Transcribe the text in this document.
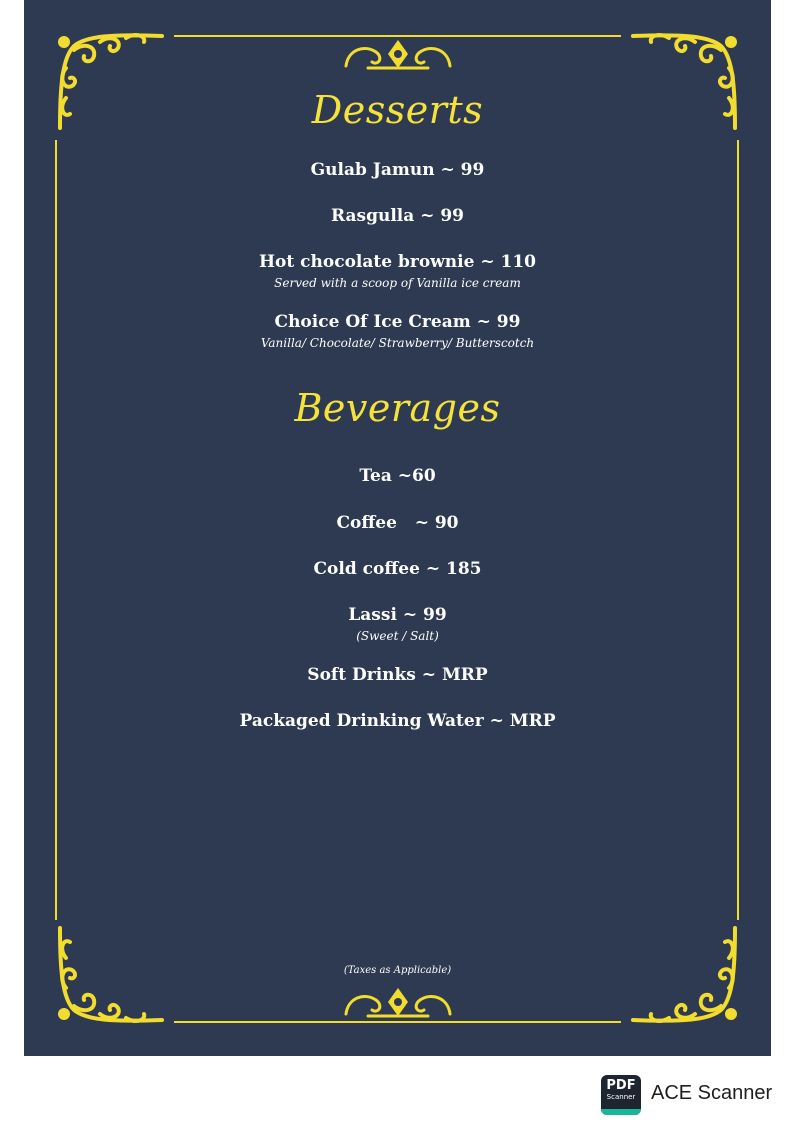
Desserts
Gulab Jamun ~ 99
Rasgulla ~ 99
Hot chocolate brownie ~ 110
Served with a scoop of Vanilla ice cream
Choice Of Ice Cream ~ 99
Vanilla/ Chocolate/ Strawberry/ Butterscotch
Beverages
Tea ~60
Coffee   ~ 90
Cold coffee ~ 185
Lassi ~ 99
(Sweet / Salt)
Soft Drinks ~ MRP
Packaged Drinking Water ~ MRP
(Taxes as Applicable)
PDF
Scanner ACE Scanner
